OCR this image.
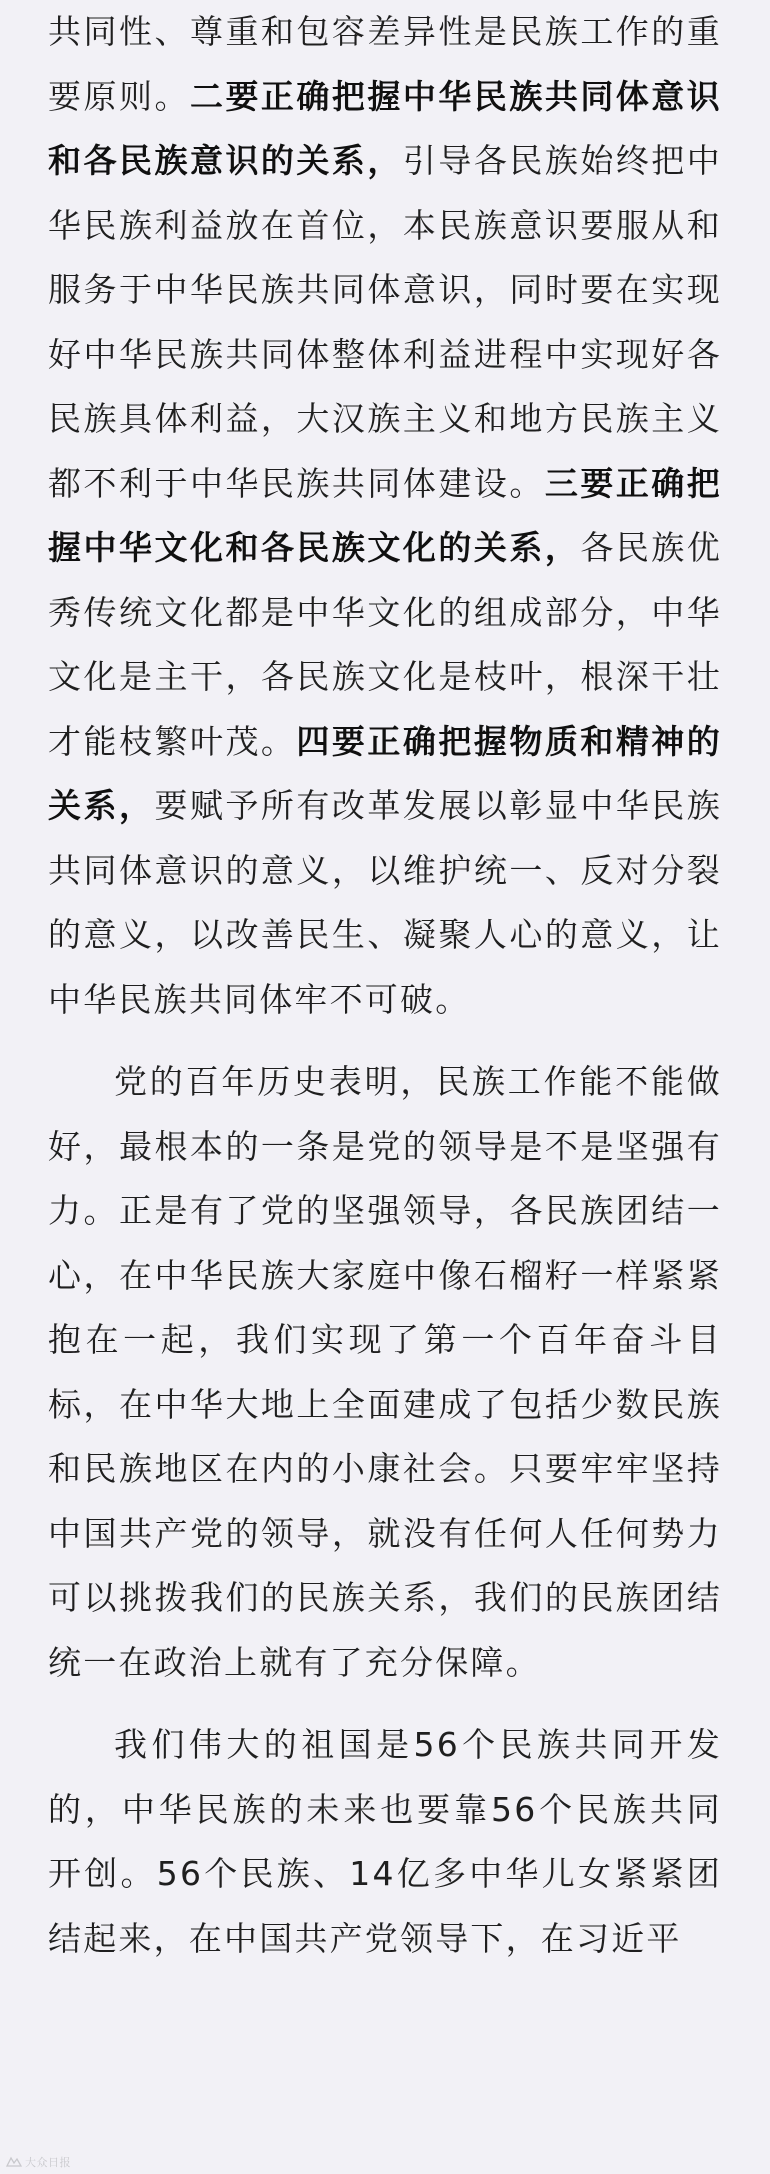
共同性、尊重和包容差异性是民族工作的重要原则。二要正确把握中华民族共同体意识和各民族意识的关系，引导各民族始终把中华民族利益放在首位，本民族意识要服从和服务于中华民族共同体意识，同时要在实现好中华民族共同体整体利益进程中实现好各民族具体利益，大汉族主义和地方民族主义都不利于中华民族共同体建设。三要正确把握中华文化和各民族文化的关系，各民族优秀传统文化都是中华文化的组成部分，中华文化是主干，各民族文化是枝叶，根深干壮才能枝繁叶茂。四要正确把握物质和精神的关系，要赋予所有改革发展以彰显中华民族共同体意识的意义，以维护统一、反对分裂的意义，以改善民生、凝聚人心的意义，让中华民族共同体牢不可破。

党的百年历史表明，民族工作能不能做好，最根本的一条是党的领导是不是坚强有力。正是有了党的坚强领导，各民族团结一心，在中华民族大家庭中像石榴籽一样紧紧抱在一起，我们实现了第一个百年奋斗目标，在中华大地上全面建成了包括少数民族和民族地区在内的小康社会。只要牢牢坚持中国共产党的领导，就没有任何人任何势力可以挑拨我们的民族关系，我们的民族团结统一在政治上就有了充分保障。

我们伟大的祖国是56个民族共同开发的，中华民族的未来也要靠56个民族共同开创。56个民族、14亿多中华儿女紧紧团结起来，在中国共产党领导下，在习近平

大众日报
